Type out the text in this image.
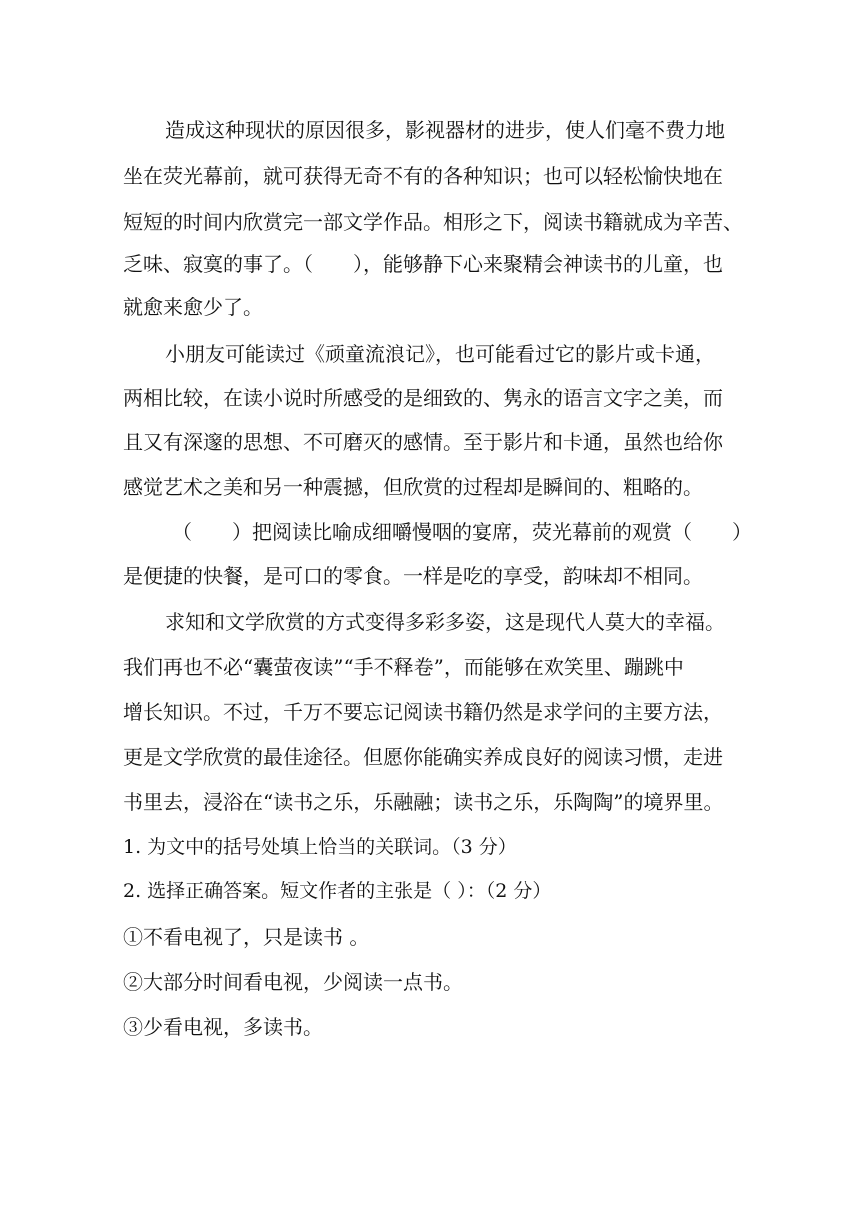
造成这种现状的原因很多，影视器材的进步，使人们毫不费力地
坐在荧光幕前，就可获得无奇不有的各种知识；也可以轻松愉快地在
短短的时间内欣赏完一部文学作品。相形之下，阅读书籍就成为辛苦、
乏味、寂寞的事了。（　　），能够静下心来聚精会神读书的儿童，也
就愈来愈少了。
小朋友可能读过《顽童流浪记》，也可能看过它的影片或卡通，
两相比较，在读小说时所感受的是细致的、隽永的语言文字之美，而
且又有深邃的思想、不可磨灭的感情。至于影片和卡通，虽然也给你
感觉艺术之美和另一种震撼，但欣赏的过程却是瞬间的、粗略的。
（　　）把阅读比喻成细嚼慢咽的宴席，荧光幕前的观赏（　　）
是便捷的快餐，是可口的零食。一样是吃的享受，韵味却不相同。
求知和文学欣赏的方式变得多彩多姿，这是现代人莫大的幸福。
我们再也不必“囊萤夜读”“手不释卷”，而能够在欢笑里、蹦跳中
增长知识。不过，千万不要忘记阅读书籍仍然是求学问的主要方法，
更是文学欣赏的最佳途径。但愿你能确实养成良好的阅读习惯，走进
书里去，浸浴在“读书之乐，乐融融；读书之乐，乐陶陶”的境界里。
1. 为文中的括号处填上恰当的关联词。（3 分）
2. 选择正确答案。短文作者的主张是（ ）：（2 分）
①不看电视了，只是读书 。
②大部分时间看电视，少阅读一点书。
③少看电视，多读书。
